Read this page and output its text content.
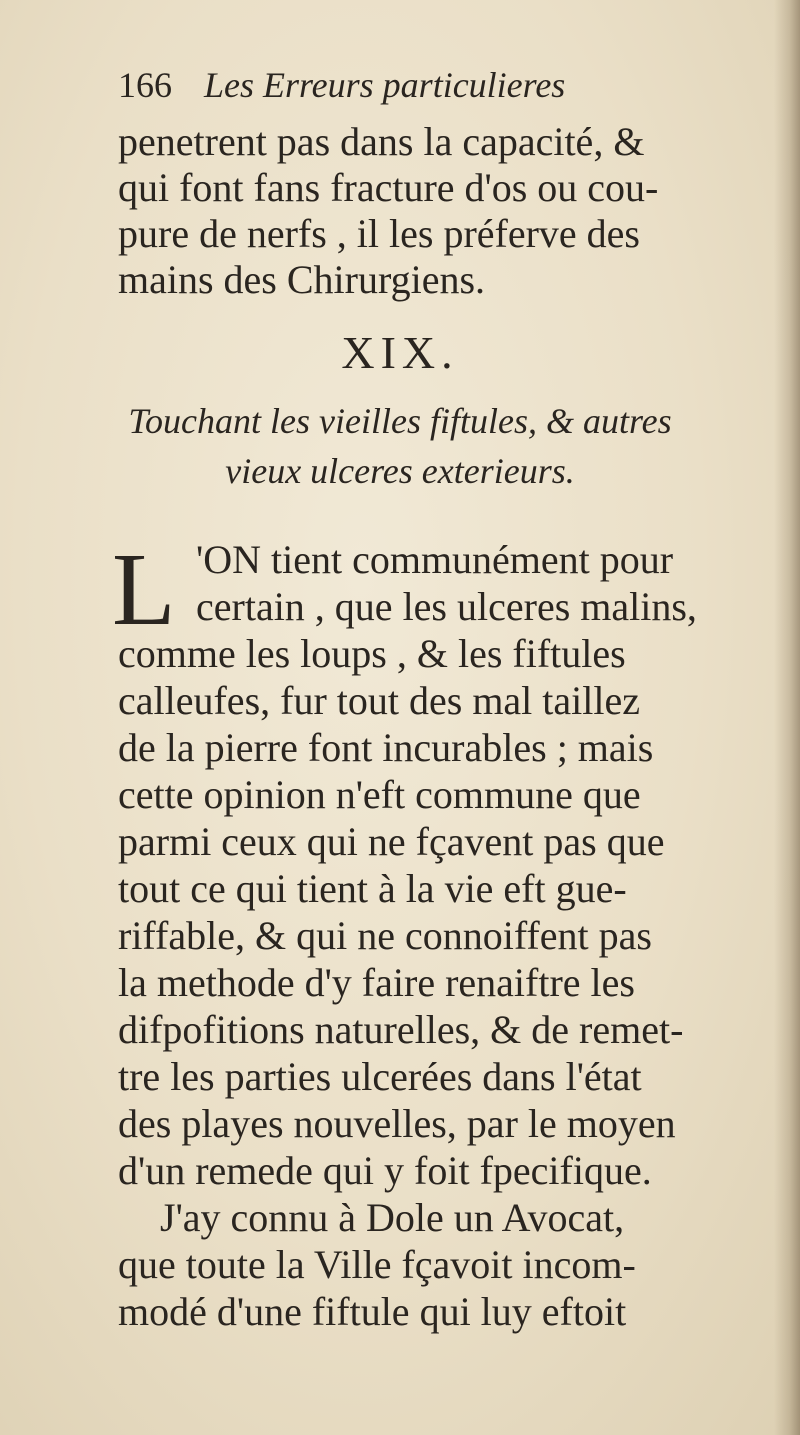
166 Les Erreurs particulieres
penetrent pas dans la capacité, &
qui font fans fracture d'os ou cou-
pure de nerfs , il les préferve des
mains des Chirurgiens.
XIX.
Touchant les vieilles fiftules, & autres
vieux ulceres exterieurs.
L 'ON tient communément pour
certain , que les ulceres malins,
comme les loups , & les fiftules
calleufes, fur tout des mal taillez
de la pierre font incurables ; mais
cette opinion n'eft commune que
parmi ceux qui ne fçavent pas que
tout ce qui tient à la vie eft gue-
riffable, & qui ne connoiffent pas
la methode d'y faire renaiftre les
difpofitions naturelles, & de remet-
tre les parties ulcerées dans l'état
des playes nouvelles, par le moyen
d'un remede qui y foit fpecifique.
J'ay connu à Dole un Avocat,
que toute la Ville fçavoit incom-
modé d'une fiftule qui luy eftoit
